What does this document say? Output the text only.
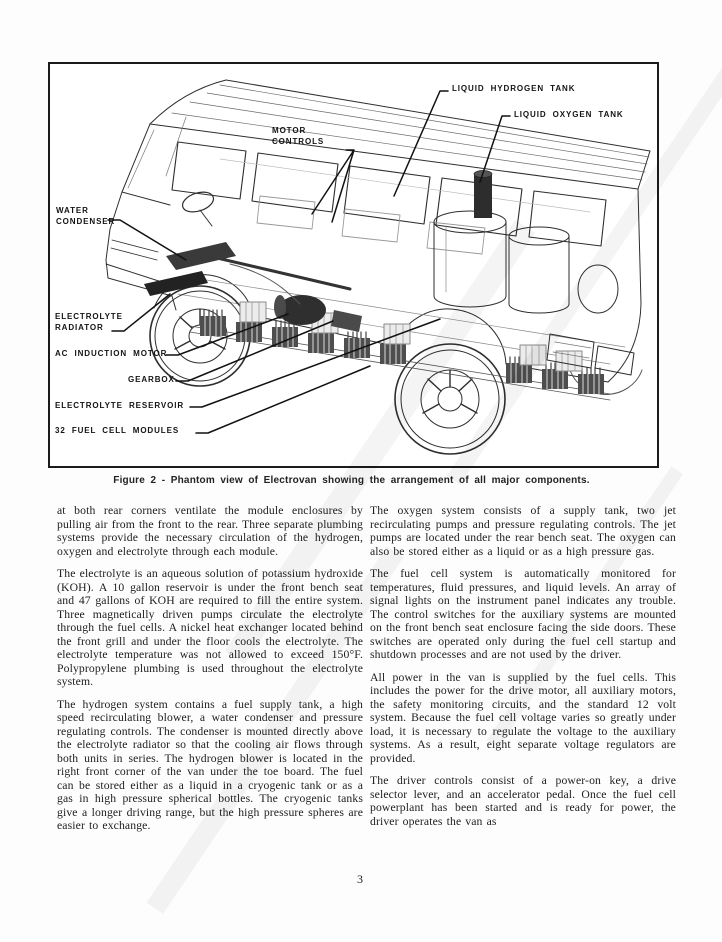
LIQUID HYDROGEN TANK
LIQUID OXYGEN TANK
MOTOR CONTROLS
WATER CONDENSER
ELECTROLYTE RADIATOR
AC INDUCTION MOTOR
GEARBOX
ELECTROLYTE RESERVOIR
32 FUEL CELL MODULES
Figure 2 - Phantom view of Electrovan showing the arrangement of all major components.

at both rear corners ventilate the module enclosures by pulling air from the front to the rear. Three separate plumbing systems provide the necessary circulation of the hydrogen, oxygen and electrolyte through each module.

The electrolyte is an aqueous solution of potassium hydroxide (KOH). A 10 gallon reservoir is under the front bench seat and 47 gallons of KOH are required to fill the entire system. Three magnetically driven pumps circulate the electrolyte through the fuel cells. A nickel heat exchanger located behind the front grill and under the floor cools the electrolyte. The electrolyte temperature was not allowed to exceed 150°F. Polypropylene plumbing is used throughout the electrolyte system.

The hydrogen system contains a fuel supply tank, a high speed recirculating blower, a water condenser and pressure regulating controls. The condenser is mounted directly above the electrolyte radiator so that the cooling air flows through both units in series. The hydrogen blower is located in the right front corner of the van under the toe board. The fuel can be stored either as a liquid in a cryogenic tank or as a gas in high pressure spherical bottles. The cryogenic tanks give a longer driving range, but the high pressure spheres are easier to exchange.

The oxygen system consists of a supply tank, two jet recirculating pumps and pressure regulating controls. The jet pumps are located under the rear bench seat. The oxygen can also be stored either as a liquid or as a high pressure gas.

The fuel cell system is automatically monitored for temperatures, fluid pressures, and liquid levels. An array of signal lights on the instrument panel indicates any trouble. The control switches for the auxiliary systems are mounted on the front bench seat enclosure facing the side doors. These switches are operated only during the fuel cell startup and shutdown processes and are not used by the driver.

All power in the van is supplied by the fuel cells. This includes the power for the drive motor, all auxiliary motors, the safety monitoring circuits, and the standard 12 volt system. Because the fuel cell voltage varies so greatly under load, it is necessary to regulate the voltage to the auxiliary systems. As a result, eight separate voltage regulators are provided.

The driver controls consist of a power-on key, a drive selector lever, and an accelerator pedal. Once the fuel cell powerplant has been started and is ready for power, the driver operates the van as

3
